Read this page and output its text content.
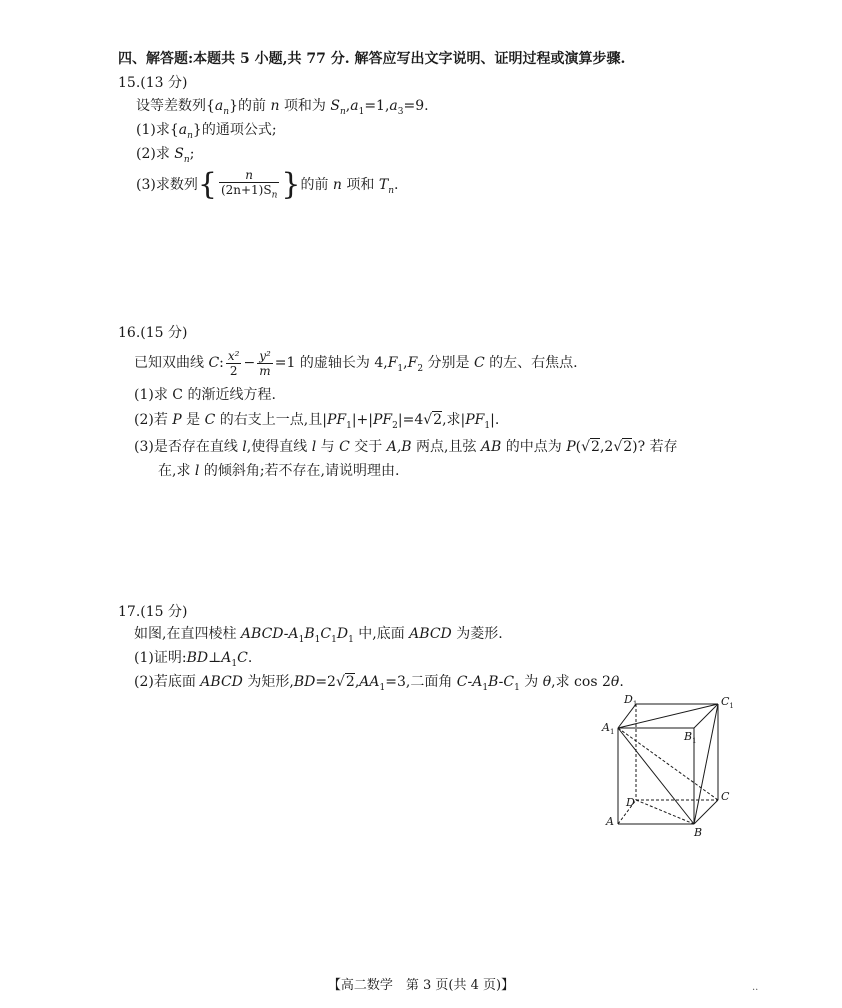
四、解答题:本题共 5 小题,共 77 分. 解答应写出文字说明、证明过程或演算步骤.
15.(13 分)
设等差数列$\{a_n\}$的前 n 项和为 $S_n,a_1=1,a_3=9$.
(1)求$\{a_n\}$的通项公式;
(2)求 $S_n$;
(3)求数列{ $\frac{n}{(2n+1)S_n}$ }的前 n 项和 $T_n$.
16.(15 分)
已知双曲线 C: $\frac{\text{x²}}{2} - \frac{\text{y²}}{m} =1$ 的虚轴长为 $4,F_1,F_2$ 分别是 C 的左、右焦点.
(1)求 C 的渐近线方程.
(2)若 P 是 C 的右支上一点,且$|PF_1|+|PF_2|=4√2$,求$|PF_1|$.
(3)是否存在直线 l,使得直线 l 与 C 交于 A,B 两点,且弦 AB 的中点为 P(√2,2√2)? 若存
在,求 l 的倾斜角;若不存在,请说明理由.
17.(15 分)
如图,在直四棱柱 ABCD-$A_1B_1C_1D_1$ 中,底面 ABCD 为菱形.
(1)证明$:BD\perp A_1C$.
(2)若底面 ABCD 为矩形$,BD=2√2,AA_1=3$,二面角 $C-A_1B-C_1$ 为 θ,求 cos 2θ.
$D_1$	$C_1$
$A_1$	$B_1$
D	C
A
B
【高二数学　第 3 页(共 4 页)】	..
